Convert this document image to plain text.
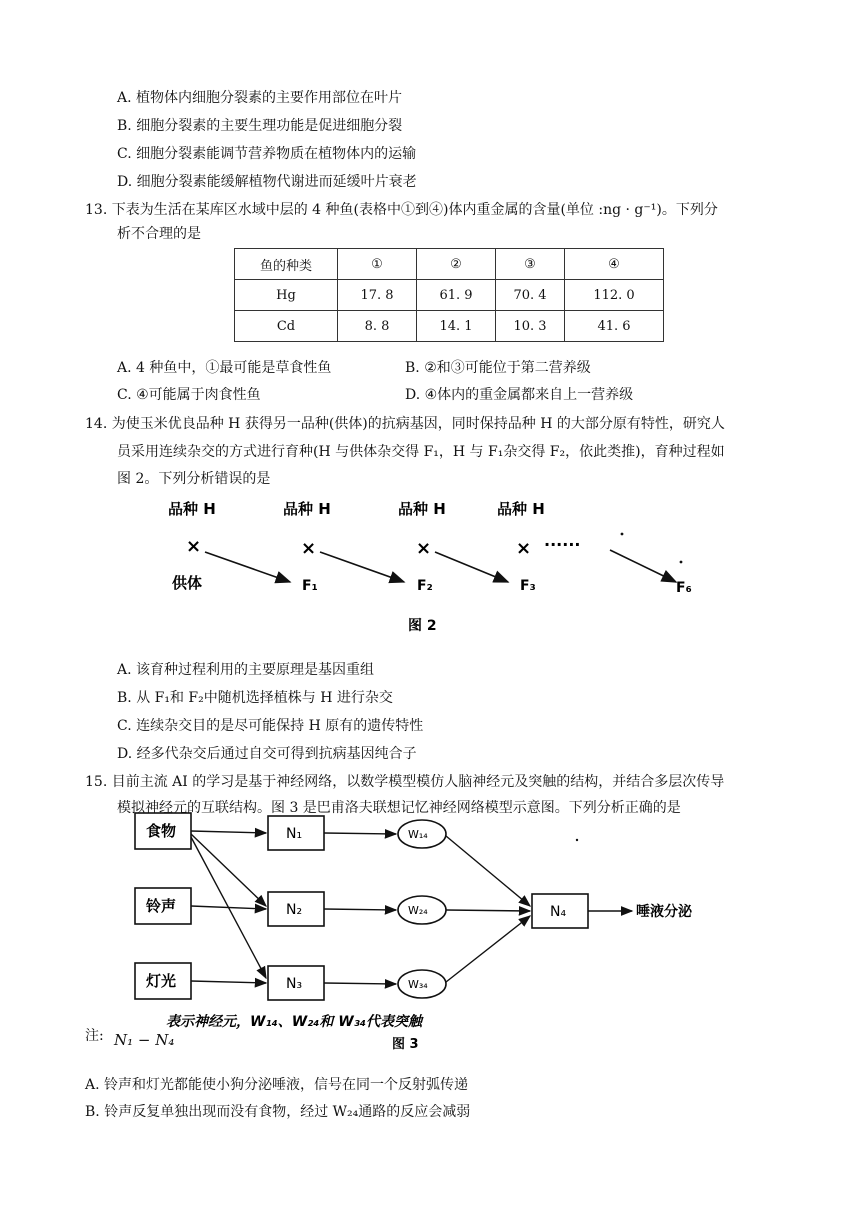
A. 植物体内细胞分裂素的主要作用部位在叶片
B. 细胞分裂素的主要生理功能是促进细胞分裂
C. 细胞分裂素能调节营养物质在植物体内的运输
D. 细胞分裂素能缓解植物代谢进而延缓叶片衰老
13. 下表为生活在某库区水域中层的 4 种鱼(表格中①到④)体内重金属的含量(单位 :ng · g⁻¹)。下列分
析不合理的是
鱼的种类	①	②	③	④
Hg	17. 8	61. 9	70. 4	112. 0
Cd	8. 8	14. 1	10. 3	41. 6
A. 4 种鱼中，①最可能是草食性鱼	B. ②和③可能位于第二营养级
C. ④可能属于肉食性鱼	D. ④体内的重金属都来自上一营养级
14. 为使玉米优良品种 H 获得另一品种(供体)的抗病基因，同时保持品种 H 的大部分原有特性，研究人
员采用连续杂交的方式进行育种(H 与供体杂交得 F₁，H 与 F₁杂交得 F₂，依此类推)，育种过程如
图 2。下列分析错误的是
品种 H	品种 H	品种 H	品种 H
×	×	×	× ······
供体	F₁	F₂	F₃	F₆
图 2
A. 该育种过程利用的主要原理是基因重组
B. 从 F₁和 F₂中随机选择植株与 H 进行杂交
C. 连续杂交目的是尽可能保持 H 原有的遗传特性
D. 经多代杂交后通过自交可得到抗病基因纯合子
15. 目前主流 AI 的学习是基于神经网络，以数学模型模仿人脑神经元及突触的结构，并结合多层次传导
模拟神经元的互联结构。图 3 是巴甫洛夫联想记忆神经网络模型示意图。下列分析正确的是
食物
铃声
灯光
N₁
N₂
N₃
W₁₄
W₂₄
W₃₄
N₄	唾液分泌
表示神经元，W₁₄、W₂₄和 W₃₄代表突触
图 3
注: N₁ − N₄
A. 铃声和灯光都能使小狗分泌唾液，信号在同一个反射弧传递
B. 铃声反复单独出现而没有食物，经过 W₂₄通路的反应会减弱
